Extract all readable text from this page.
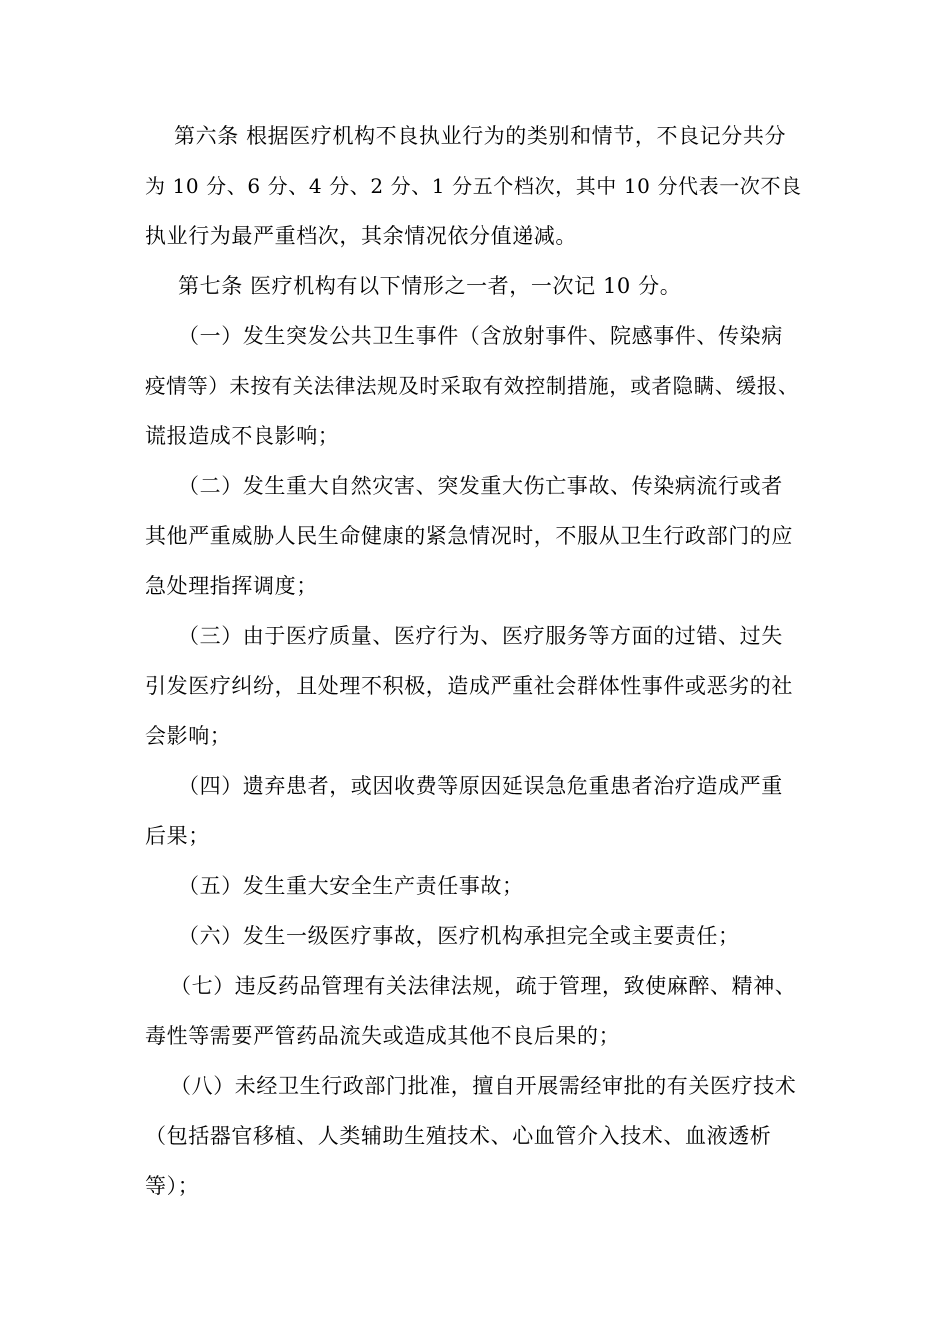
第六条 根据医疗机构不良执业行为的类别和情节，不良记分共分
为 10 分、6 分、4 分、2 分、1 分五个档次，其中 10 分代表一次不良
执业行为最严重档次，其余情况依分值递减。
第七条 医疗机构有以下情形之一者，一次记 10 分。
（一）发生突发公共卫生事件（含放射事件、院感事件、传染病
疫情等）未按有关法律法规及时采取有效控制措施，或者隐瞒、缓报、
谎报造成不良影响；
（二）发生重大自然灾害、突发重大伤亡事故、传染病流行或者
其他严重威胁人民生命健康的紧急情况时，不服从卫生行政部门的应
急处理指挥调度；
（三）由于医疗质量、医疗行为、医疗服务等方面的过错、过失
引发医疗纠纷，且处理不积极，造成严重社会群体性事件或恶劣的社
会影响；
（四）遗弃患者，或因收费等原因延误急危重患者治疗造成严重
后果；
（五）发生重大安全生产责任事故；
（六）发生一级医疗事故，医疗机构承担完全或主要责任；
（七）违反药品管理有关法律法规，疏于管理，致使麻醉、精神、
毒性等需要严管药品流失或造成其他不良后果的；
（八）未经卫生行政部门批准，擅自开展需经审批的有关医疗技术
（包括器官移植、人类辅助生殖技术、心血管介入技术、血液透析
等）；
